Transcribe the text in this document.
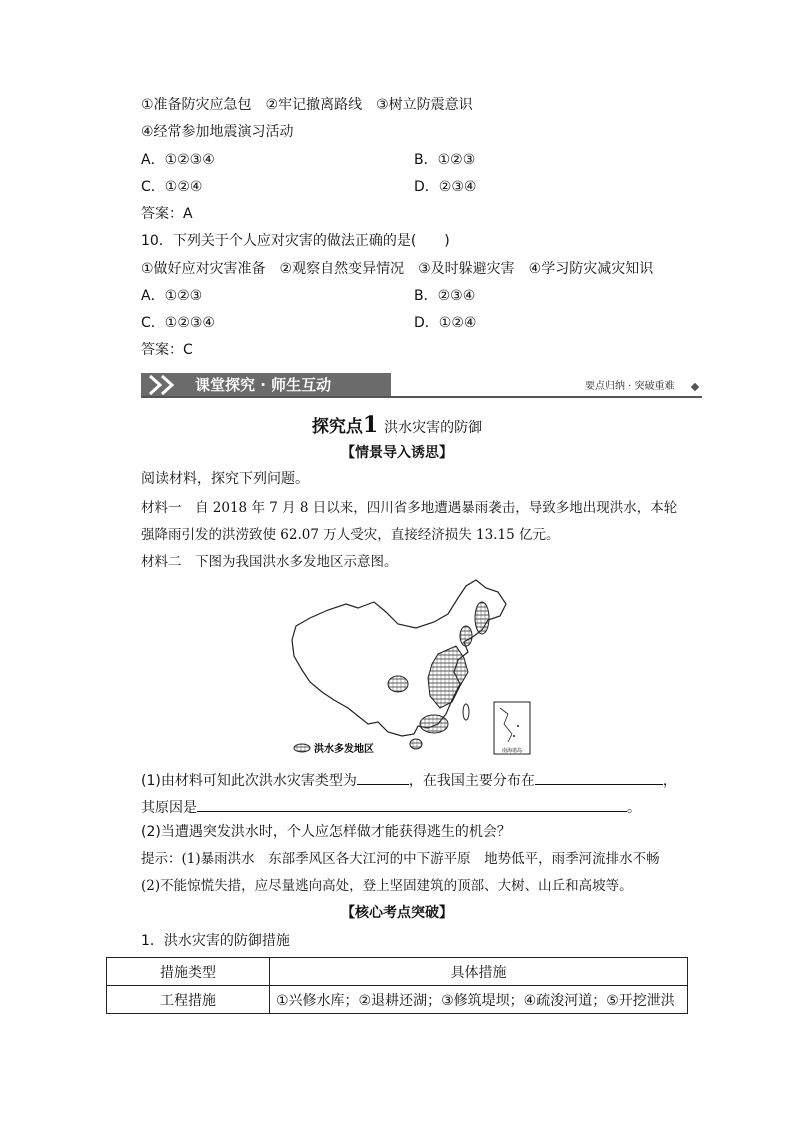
①准备防灾应急包　②牢记撤离路线　③树立防震意识
④经常参加地震演习活动
A．①②③④	B．①②③
C．①②④	D．②③④
答案：A
10．下列关于个人应对灾害的做法正确的是(　　)
①做好应对灾害准备　②观察自然变异情况　③及时躲避灾害　④学习防灾减灾知识
A．①②③	B．②③④
C．①②③④	D．①②④
答案：C
课堂探究 · 师生互动	要点归纳 · 突破重难
探究点1 洪水灾害的防御
【情景导入诱思】
阅读材料，探究下列问题。
材料一　自 2018 年 7 月 8 日以来，四川省多地遭遇暴雨袭击，导致多地出现洪水，本轮
强降雨引发的洪涝致使 62.07 万人受灾，直接经济损失 13.15 亿元。
材料二　下图为我国洪水多发地区示意图。
南海诸岛
洪水多发地区
(1)由材料可知此次洪水灾害类型为	，在我国主要分布在	，
其原因是	。
(2)当遭遇突发洪水时，个人应怎样做才能获得逃生的机会？
提示：(1)暴雨洪水　东部季风区各大江河的中下游平原　地势低平，雨季河流排水不畅
(2)不能惊慌失措，应尽量逃向高处，登上坚固建筑的顶部、大树、山丘和高坡等。
【核心考点突破】
1．洪水灾害的防御措施
措施类型	具体措施
工程措施	①兴修水库；②退耕还湖；③修筑堤坝；④疏浚河道；⑤开挖泄洪
